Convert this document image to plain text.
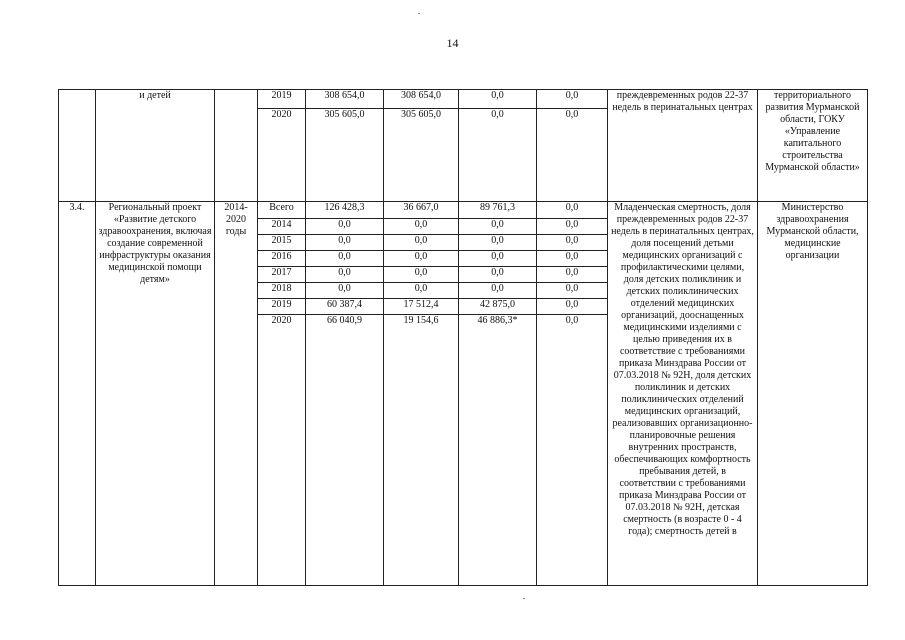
14
	и детей		2019	308 654,0	308 654,0	0,0	0,0	преждевременных родов 22-37 недель в перинатальных центрах	территориального развития Мурманской области, ГОКУ «Управление капитального строительства Мурманской области»
			2020	305 605,0	305 605,0	0,0	0,0		
3.4.	Региональный проект «Развитие детского здравоохранения, включая создание современной инфраструктуры оказания медицинской помощи детям»	2014-2020 годы	Всего	126 428,3	36 667,0	89 761,3	0,0	Младенческая смертность, доля преждевременных родов 22-37 недель в перинатальных центрах, доля посещений детьми медицинских организаций с профилактическими целями, доля детских поликлиник и детских поликлинических отделений медицинских организаций, дооснащенных медицинскими изделиями с целью приведения их в соответствие с требованиями приказа Минздрава России от 07.03.2018 № 92Н, доля детских поликлиник и детских поликлинических отделений медицинских организаций, реализовавших организационно-планировочные решения внутренних пространств, обеспечивающих комфортность пребывания детей, в соответствии с требованиями приказа Минздрава России от 07.03.2018 № 92Н, детская смертность (в возрасте 0 - 4 года); смертность детей в	Министерство здравоохранения Мурманской области, медицинские организации
			2014	0,0	0,0	0,0	0,0		
			2015	0,0	0,0	0,0	0,0		
			2016	0,0	0,0	0,0	0,0		
			2017	0,0	0,0	0,0	0,0		
			2018	0,0	0,0	0,0	0,0		
			2019	60 387,4	17 512,4	42 875,0	0,0		
			2020	66 040,9	19 154,6	46 886,3*	0,0		
